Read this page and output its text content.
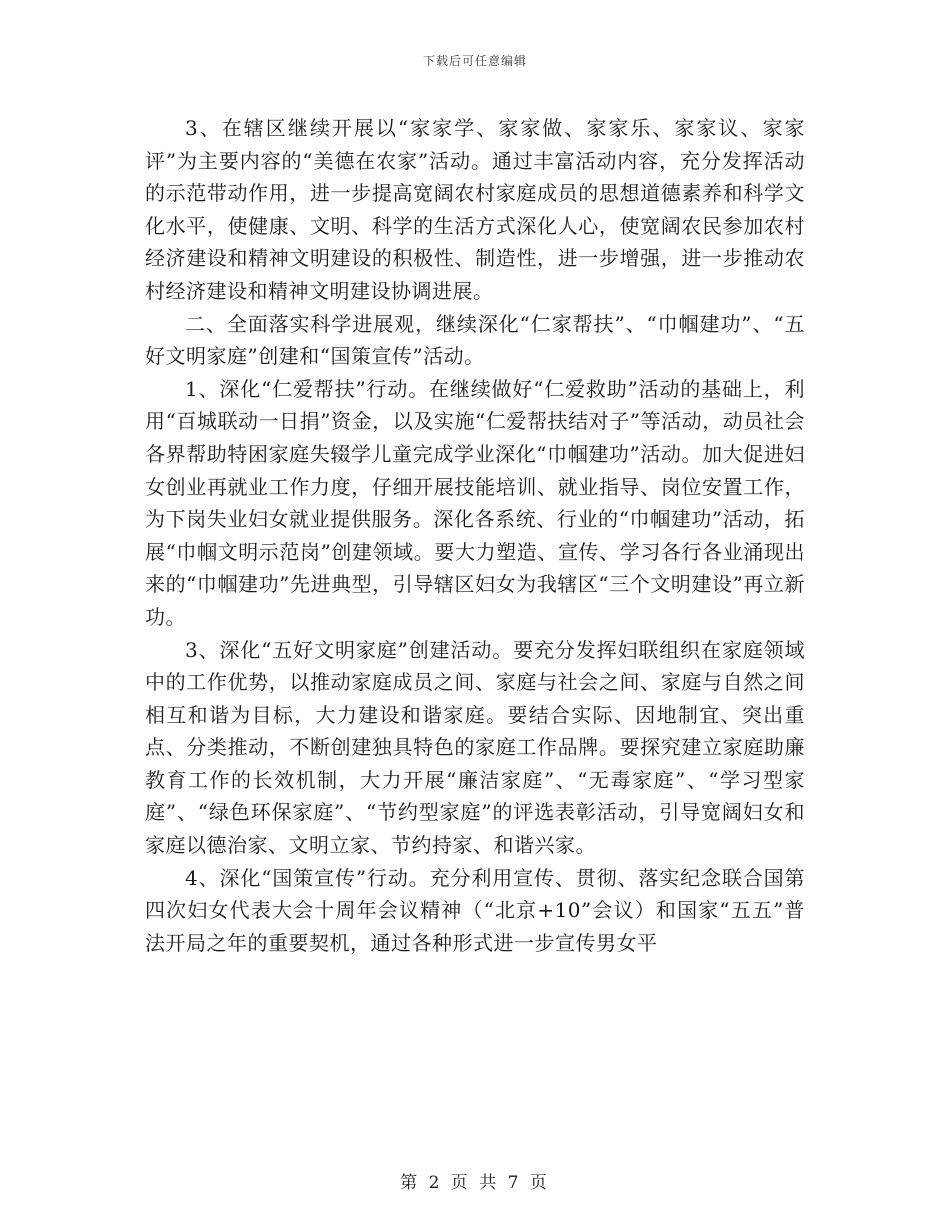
下载后可任意编辑

3、在辖区继续开展以“家家学、家家做、家家乐、家家议、家家评”为主要内容的“美德在农家”活动。通过丰富活动内容，充分发挥活动的示范带动作用，进一步提高宽阔农村家庭成员的思想道德素养和科学文化水平，使健康、文明、科学的生活方式深化人心，使宽阔农民参加农村经济建设和精神文明建设的积极性、制造性，进一步增强，进一步推动农村经济建设和精神文明建设协调进展。

二、全面落实科学进展观，继续深化“仁家帮扶”、“巾帼建功”、“五好文明家庭”创建和“国策宣传”活动。

1、深化“仁爱帮扶”行动。在继续做好“仁爱救助”活动的基础上，利用“百城联动一日捐”资金，以及实施“仁爱帮扶结对子”等活动，动员社会各界帮助特困家庭失辍学儿童完成学业深化“巾帼建功”活动。加大促进妇女创业再就业工作力度，仔细开展技能培训、就业指导、岗位安置工作，为下岗失业妇女就业提供服务。深化各系统、行业的“巾帼建功”活动，拓展“巾帼文明示范岗”创建领域。要大力塑造、宣传、学习各行各业涌现出来的“巾帼建功”先进典型，引导辖区妇女为我辖区“三个文明建设”再立新功。

3、深化“五好文明家庭”创建活动。要充分发挥妇联组织在家庭领域中的工作优势，以推动家庭成员之间、家庭与社会之间、家庭与自然之间相互和谐为目标，大力建设和谐家庭。要结合实际、因地制宜、突出重点、分类推动，不断创建独具特色的家庭工作品牌。要探究建立家庭助廉教育工作的长效机制，大力开展“廉洁家庭”、“无毒家庭”、“学习型家庭”、“绿色环保家庭”、“节约型家庭”的评选表彰活动，引导宽阔妇女和家庭以德治家、文明立家、节约持家、和谐兴家。

4、深化“国策宣传”行动。充分利用宣传、贯彻、落实纪念联合国第四次妇女代表大会十周年会议精神（“北京+10”会议）和国家“五五”普法开局之年的重要契机，通过各种形式进一步宣传男女平

第 2 页 共 7 页
